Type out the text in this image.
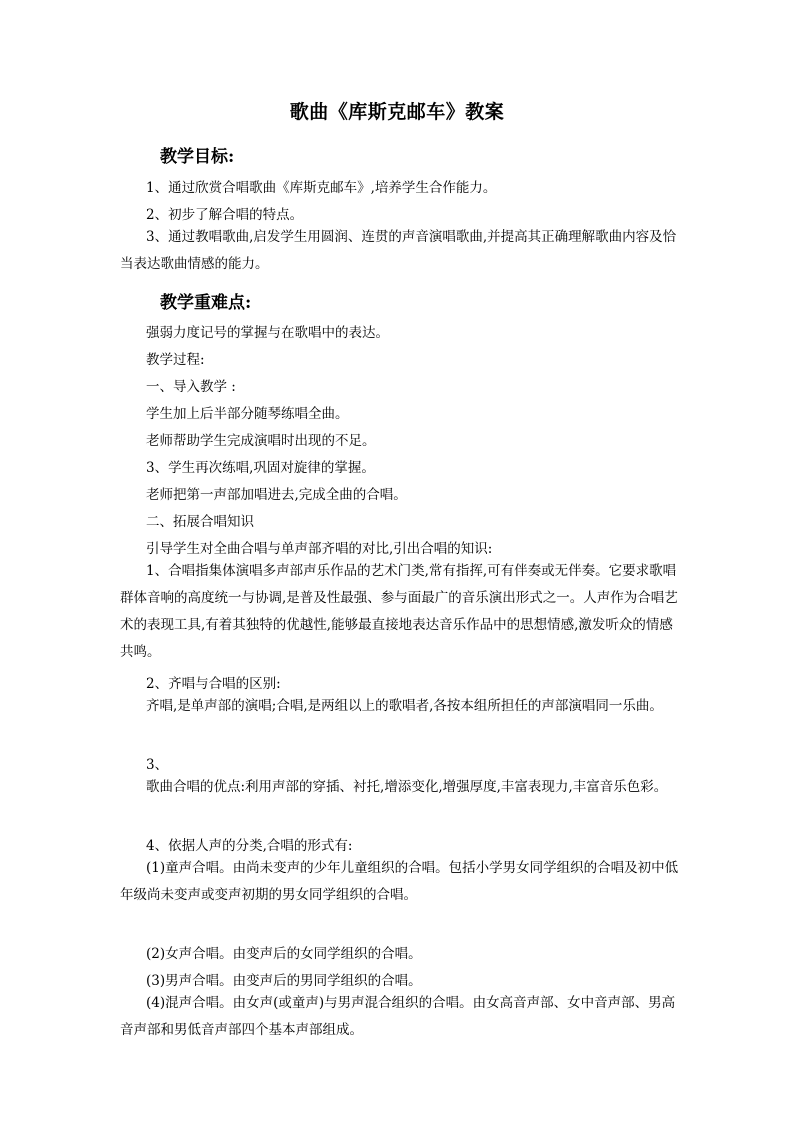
歌曲《库斯克邮车》教案
教学目标:
1、通过欣赏合唱歌曲《库斯克邮车》,培养学生合作能力。
2、初步了解合唱的特点。
3、通过教唱歌曲,启发学生用圆润、连贯的声音演唱歌曲,并提高其正确理解歌曲内容及恰当表达歌曲情感的能力。
教学重难点:
强弱力度记号的掌握与在歌唱中的表达。
教学过程:
一、导入教学 :
学生加上后半部分随琴练唱全曲。
老师帮助学生完成演唱时出现的不足。
3、学生再次练唱,巩固对旋律的掌握。
老师把第一声部加唱进去,完成全曲的合唱。
二、拓展合唱知识
引导学生对全曲合唱与单声部齐唱的对比,引出合唱的知识:
1、合唱指集体演唱多声部声乐作品的艺术门类,常有指挥,可有伴奏或无伴奏。它要求歌唱群体音响的高度统一与协调,是普及性最强、参与面最广的音乐演出形式之一。人声作为合唱艺术的表现工具,有着其独特的优越性,能够最直接地表达音乐作品中的思想情感,激发听众的情感共鸣。
2、齐唱与合唱的区别:
齐唱,是单声部的演唱;合唱,是两组以上的歌唱者,各按本组所担任的声部演唱同一乐曲。
3、
歌曲合唱的优点:利用声部的穿插、衬托,增添变化,增强厚度,丰富表现力,丰富音乐色彩。
4、依据人声的分类,合唱的形式有:
(1)童声合唱。由尚未变声的少年儿童组织的合唱。包括小学男女同学组织的合唱及初中低年级尚未变声或变声初期的男女同学组织的合唱。
(2)女声合唱。由变声后的女同学组织的合唱。
(3)男声合唱。由变声后的男同学组织的合唱。
(4)混声合唱。由女声(或童声)与男声混合组织的合唱。由女高音声部、女中音声部、男高音声部和男低音声部四个基本声部组成。
